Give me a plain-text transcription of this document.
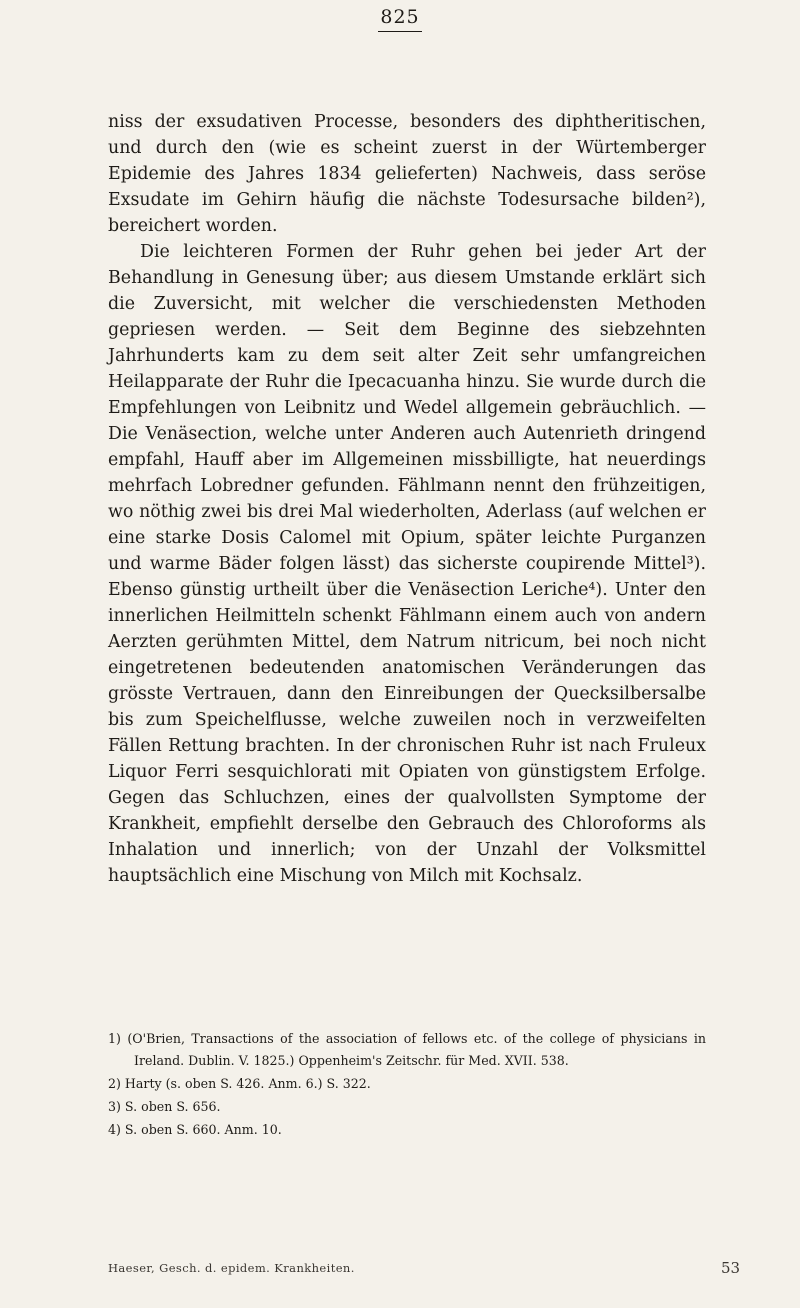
825

niss der exsudativen Processe, besonders des diphtheritischen, und durch den (wie es scheint zuerst in der Würtemberger Epidemie des Jahres 1834 gelieferten) Nachweis, dass seröse Exsudate im Gehirn häufig die nächste Todesursache bilden²), bereichert worden.

Die leichteren Formen der Ruhr gehen bei jeder Art der Behandlung in Genesung über; aus diesem Umstande erklärt sich die Zuversicht, mit welcher die verschiedensten Methoden gepriesen werden. — Seit dem Beginne des siebzehnten Jahrhunderts kam zu dem seit alter Zeit sehr umfangreichen Heilapparate der Ruhr die Ipecacuanha hinzu. Sie wurde durch die Empfehlungen von Leibnitz und Wedel allgemein gebräuchlich. — Die Venäsection, welche unter Anderen auch Autenrieth dringend empfahl, Hauff aber im Allgemeinen missbilligte, hat neuerdings mehrfach Lobredner gefunden. Fählmann nennt den frühzeitigen, wo nöthig zwei bis drei Mal wiederholten, Aderlass (auf welchen er eine starke Dosis Calomel mit Opium, später leichte Purganzen und warme Bäder folgen lässt) das sicherste coupirende Mittel³). Ebenso günstig urtheilt über die Venäsection Leriche⁴). Unter den innerlichen Heilmitteln schenkt Fählmann einem auch von andern Aerzten gerühmten Mittel, dem Natrum nitricum, bei noch nicht eingetretenen bedeutenden anatomischen Veränderungen das grösste Vertrauen, dann den Einreibungen der Quecksilbersalbe bis zum Speichelflusse, welche zuweilen noch in verzweifelten Fällen Rettung brachten. In der chronischen Ruhr ist nach Fruleux Liquor Ferri sesquichlorati mit Opiaten von günstigstem Erfolge. Gegen das Schluchzen, eines der qualvollsten Symptome der Krankheit, empfiehlt derselbe den Gebrauch des Chloroforms als Inhalation und innerlich; von der Unzahl der Volksmittel hauptsächlich eine Mischung von Milch mit Kochsalz.

1) (O'Brien, Transactions of the association of fellows etc. of the college of physicians in Ireland. Dublin. V. 1825.) Oppenheim's Zeitschr. für Med. XVII. 538.

2) Harty (s. oben S. 426. Anm. 6.) S. 322.

3) S. oben S. 656.

4) S. oben S. 660. Anm. 10.

Haeser, Gesch. d. epidem. Krankheiten.	53
